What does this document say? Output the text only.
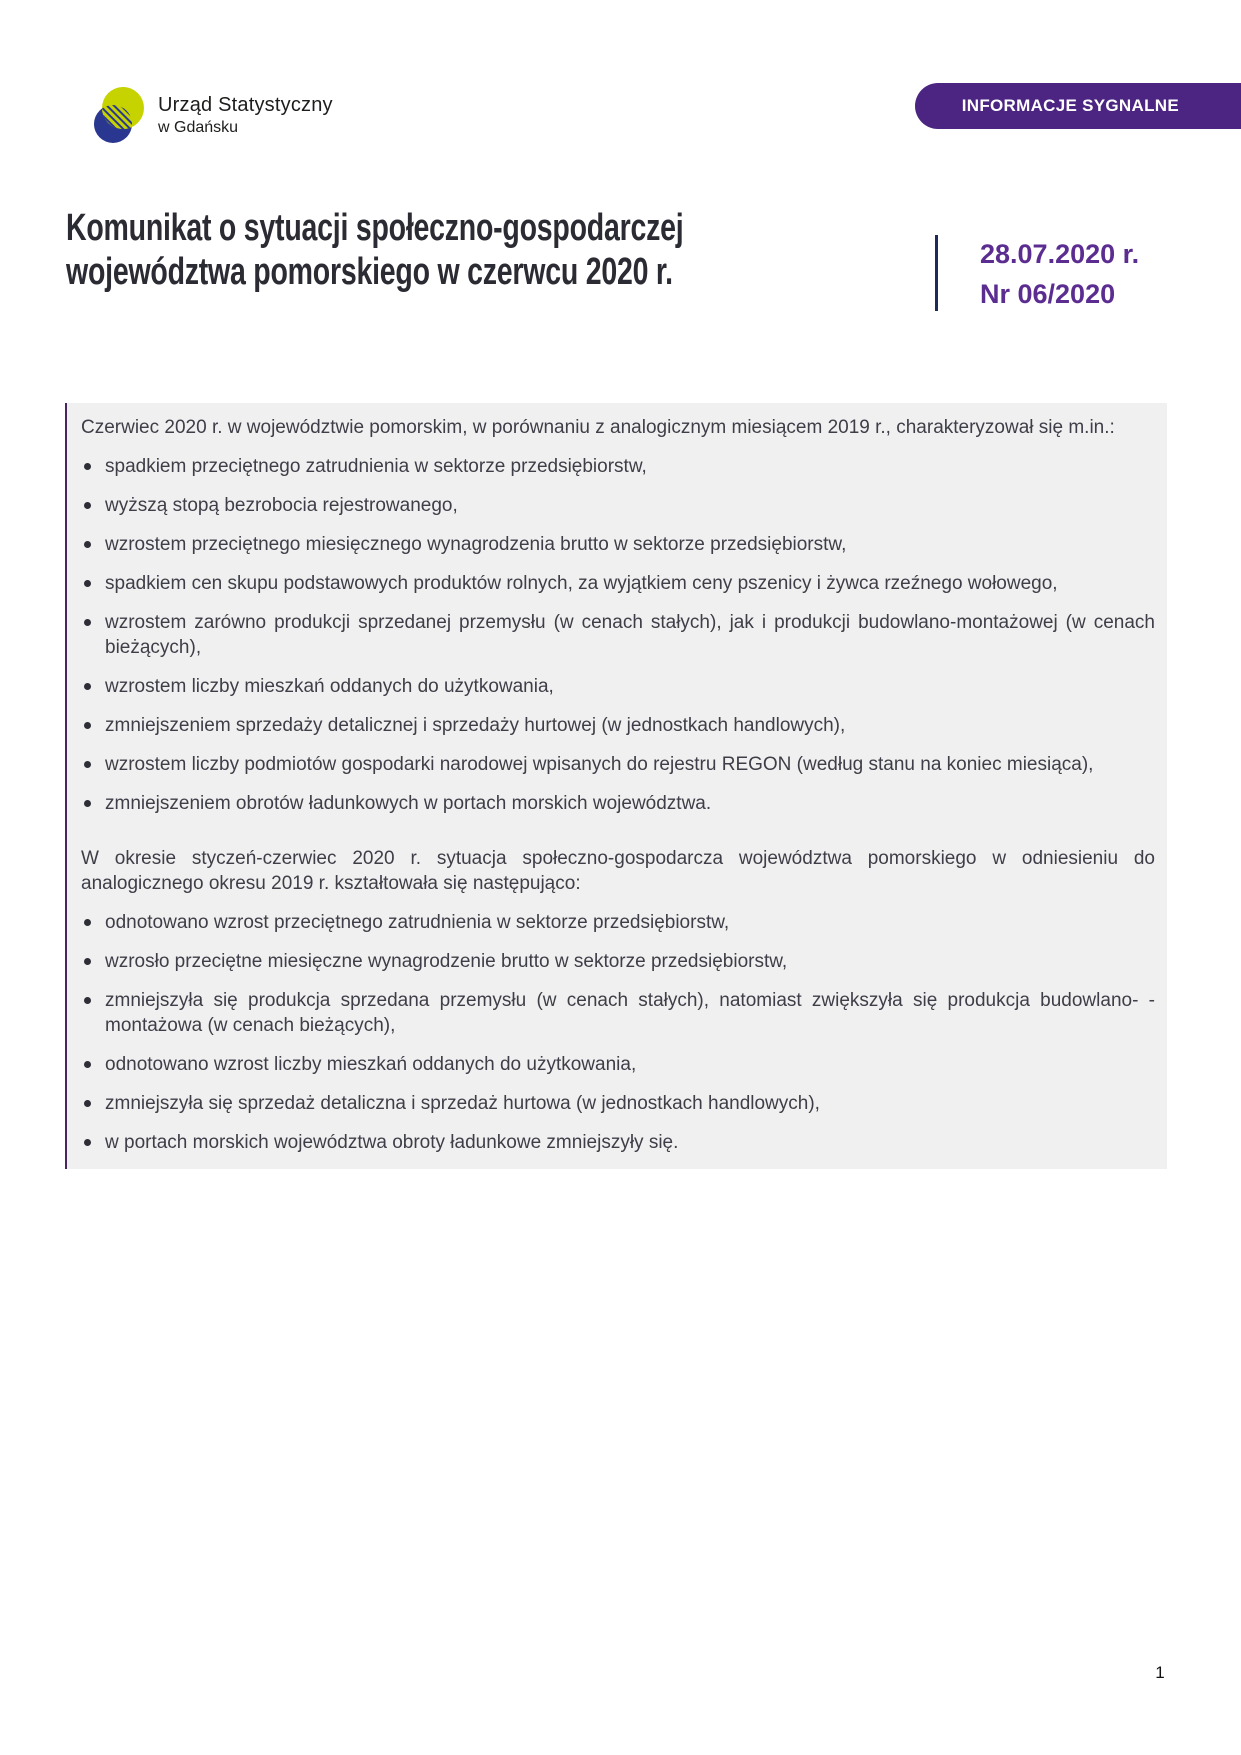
Urząd Statystyczny
w Gdańsku
INFORMACJE SYGNALNE
Komunikat o sytuacji społeczno-gospodarczej
województwa pomorskiego w czerwcu 2020 r.	28.07.2020 r.
Nr 06/2020

Czerwiec 2020 r. w województwie pomorskim, w porównaniu z analogicznym miesiącem 2019 r., charakteryzował się m.in.:

spadkiem przeciętnego zatrudnienia w sektorze przedsiębiorstw,
wyższą stopą bezrobocia rejestrowanego,
wzrostem przeciętnego miesięcznego wynagrodzenia brutto w sektorze przedsiębiorstw,
spadkiem cen skupu podstawowych produktów rolnych, za wyjątkiem ceny pszenicy i żywca rzeźnego wołowego,
wzrostem zarówno produkcji sprzedanej przemysłu (w cenach stałych), jak i produkcji budowlano-montażowej (w cenach bieżących),
wzrostem liczby mieszkań oddanych do użytkowania,
zmniejszeniem sprzedaży detalicznej i sprzedaży hurtowej (w jednostkach handlowych),
wzrostem liczby podmiotów gospodarki narodowej wpisanych do rejestru REGON (według stanu na koniec miesiąca),
zmniejszeniem obrotów ładunkowych w portach morskich województwa.

W okresie styczeń-czerwiec 2020 r. sytuacja społeczno-gospodarcza województwa pomorskiego w odniesieniu do analogicznego okresu 2019 r. kształtowała się następująco:

odnotowano wzrost przeciętnego zatrudnienia w sektorze przedsiębiorstw,
wzrosło przeciętne miesięczne wynagrodzenie brutto w sektorze przedsiębiorstw,
zmniejszyła się produkcja sprzedana przemysłu (w cenach stałych), natomiast zwiększyła się produkcja budowlano- -montażowa (w cenach bieżących),
odnotowano wzrost liczby mieszkań oddanych do użytkowania,
zmniejszyła się sprzedaż detaliczna i sprzedaż hurtowa (w jednostkach handlowych),
w portach morskich województwa obroty ładunkowe zmniejszyły się.
1
